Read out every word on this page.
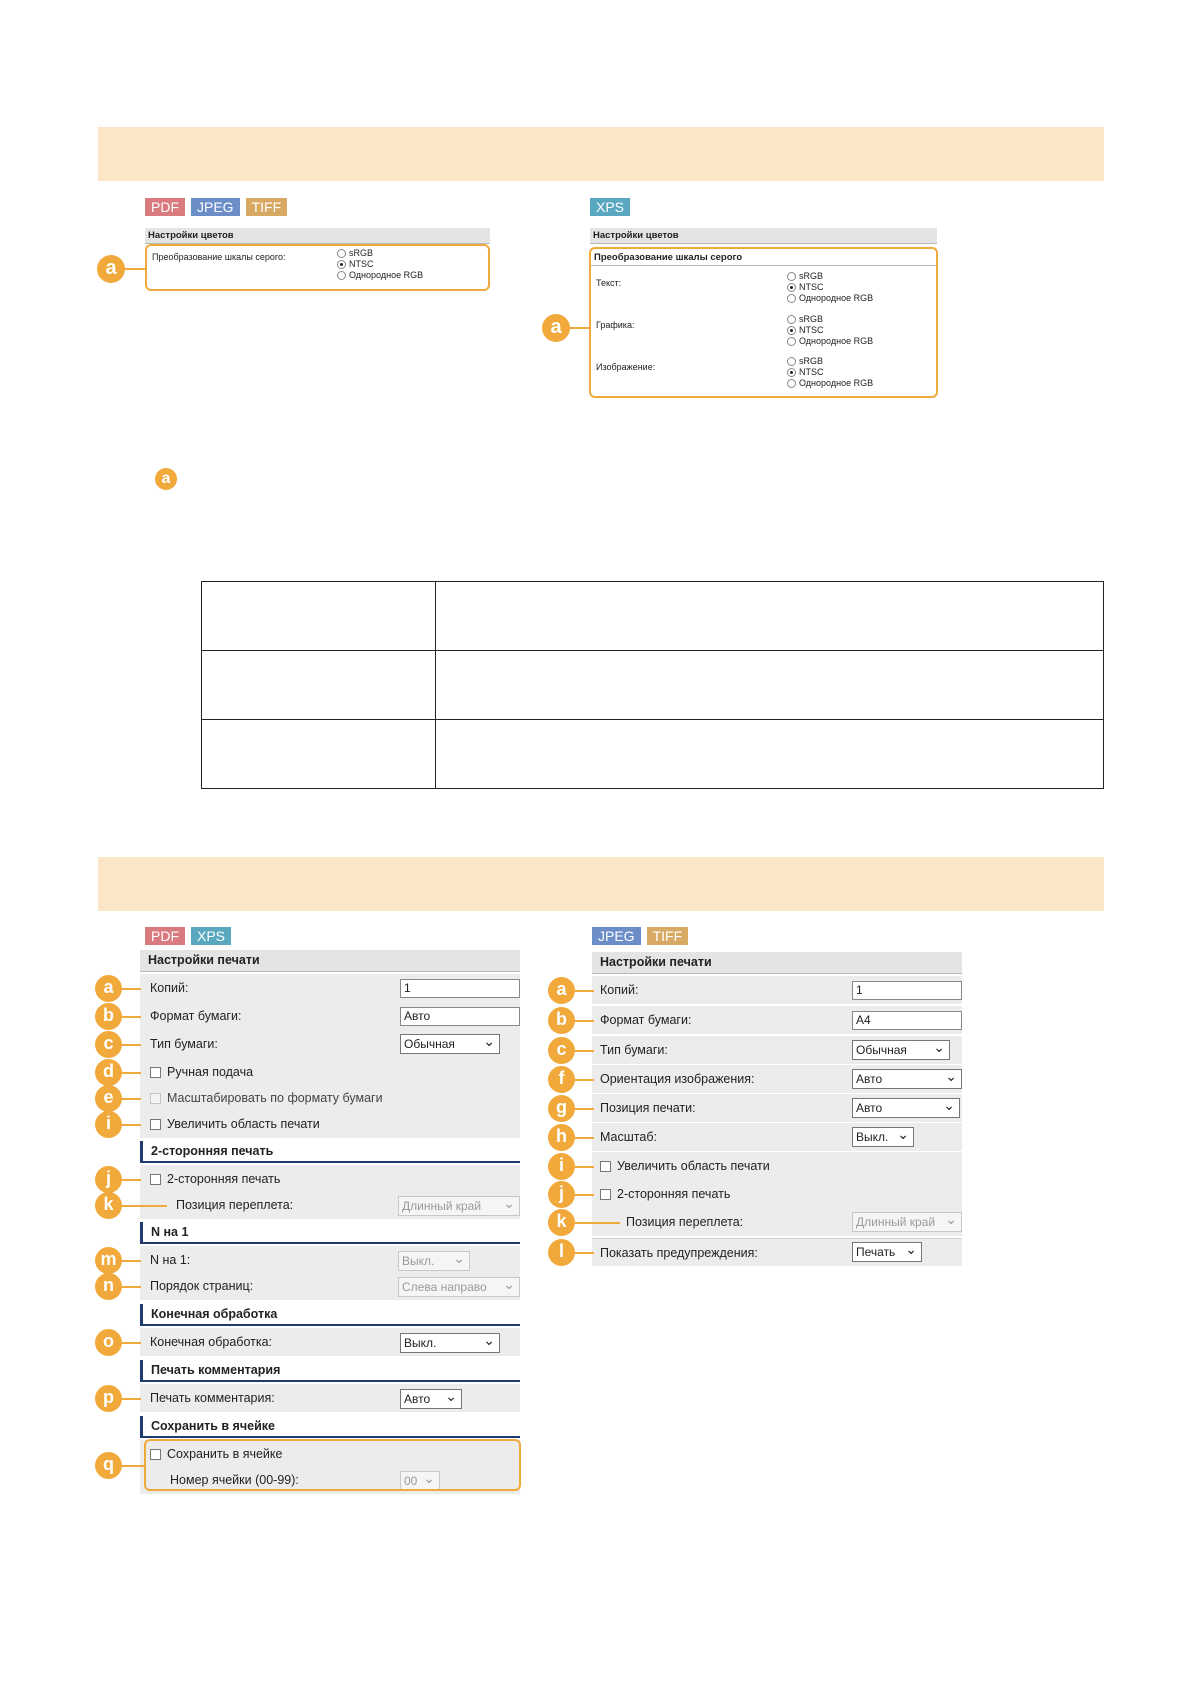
PDF	JPEG	TIFF	XPS
Настройки цветов
Преобразование шкалы серого:	sRGB
NTSC
Однородное RGB
a
Настройки цветов
Преобразование шкалы серого
Текст:
sRGB
NTSC
Однородное RGB
Графика:
sRGB
NTSC
Однородное RGB
Изображение:
sRGB
NTSC
Однородное RGB
a
a

PDF	XPS	JPEG	TIFF
Настройки печати
Копий:	1
Формат бумаги:	Авто
Тип бумаги:	Обычная ⌄
Ручная подача
Масштабировать по формату бумаги
Увеличить область печати
2-сторонняя печать
2-сторонняя печать
Позиция переплета:	Длинный край ⌄
N на 1
N на 1:	Выкл. ⌄
Порядок страниц:	Слева направо ⌄
Конечная обработка
Конечная обработка:	Выкл. ⌄
Печать комментария
Печать комментария:	Авто ⌄
Сохранить в ячейке
Сохранить в ячейке
Номер ячейки (00-99):	00 ⌄
a
b
c
d
e
i
j
k
m
n
o
p
q
Настройки печати
Копий:	1
Формат бумаги:	A4
Тип бумаги:	Обычная ⌄
Ориентация изображения:	Авто ⌄
Позиция печати:	Авто ⌄
Масштаб:	Выкл. ⌄
Увеличить область печати
2-сторонняя печать
Позиция переплета:	Длинный край ⌄
Показать предупреждения:	Печать ⌄
a
b
c
f
g
h
i
j
k
l
